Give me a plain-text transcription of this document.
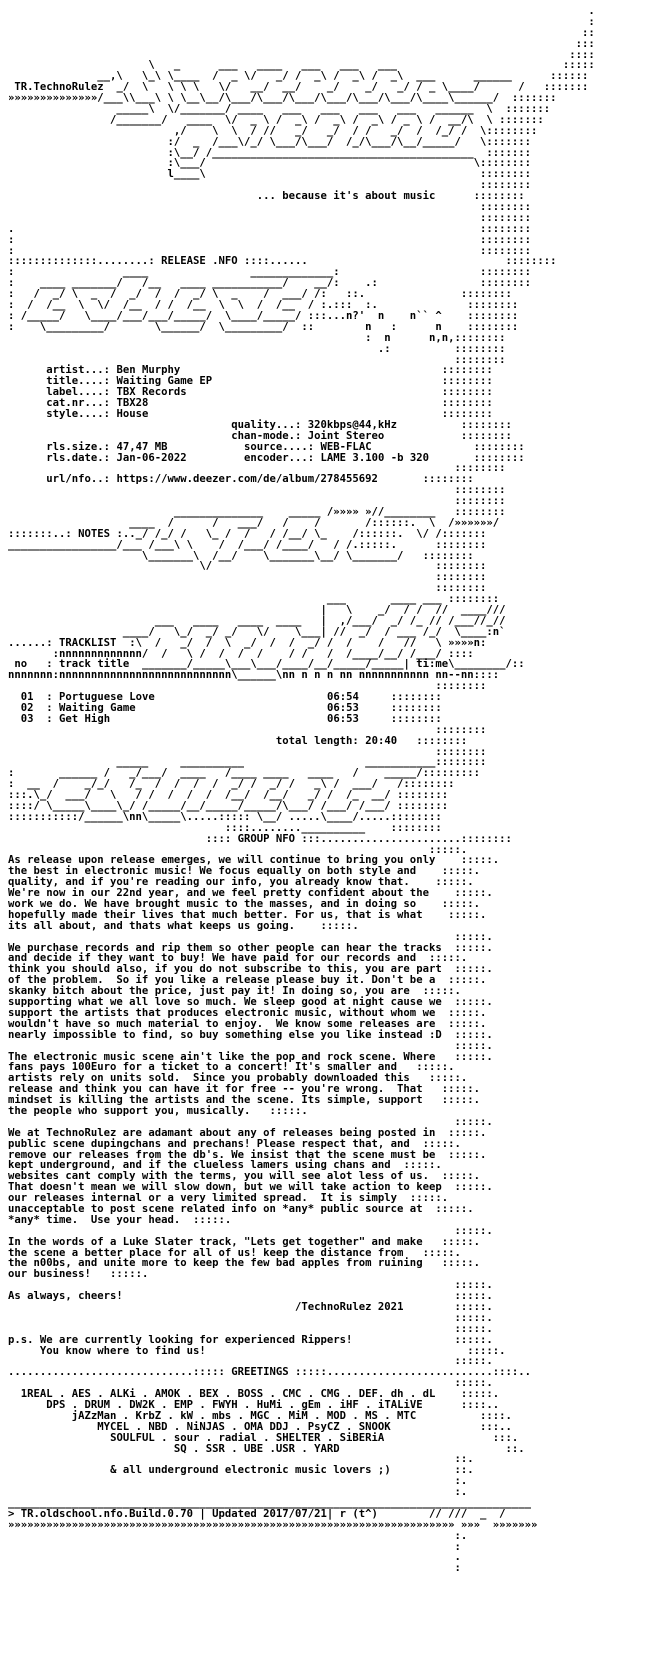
.
:
::
:::
::::
\   _      ___   ____   ___   ___   ___                          :::::
__,\   \_\ \____  /  _ \/   _/ /  _\ /  _\ /  _\  ___      ______      ::::::
TR.TechnoRulez  _/  \   \ \ \   \/   __/  __/    _/    _/   _/ / _ \____/      /   :::::::
»»»»»»»»»»»»»»/___\\___\ \ \__\__/\___/\___/\___/\___/\___/\___/\____\______/  :::::::
_____\  \/_______/ ____   ___   ___   ___   ___   ______  \  :::::::
/_______/   ____  \/  _ \ /  _\ /  _\ /  _\ / _ \ /  __/\  \ :::::::
,/    \  \  / //   _/   _/  / /   _/  /  /_/ /  \::::::::
:/  _  /___\/_/ \___/\___/  /_/\___/\__/_____/   \:::::::
:\__/ /_________________________________________  :::::::
:\___/                                          \::::::::
l____\                                           ::::::::
::::::::
... because it's about music      ::::::::
::::::::
::::::::
.                                                                         ::::::::
:                                                                         ::::::::
:                                                                         ::::::::
::::::::::::::........: RELEASE .NFO ::::......                               ::::::::
:                 ____                _____________:                      ::::::::
:    ____ _______/   /__   ____ ___________/    __/:    .:                ::::::::
:   /  _/ \  _  /  _/  /  /  _/ \  _    /  ___/ /:   ::.               ::::::::
:  /  /__  \  \/  /__  / /  /__  \  \  /  /__  / :.:::  :.              ::::::::
: /_____/   \____/___/___/_____/  \____/_____/ :::...n?'  n    n`` ^    ::::::::
:    \_________/       \______/  \_________/  ::        n   :      n    ::::::::
:  n      n,n,::::::::
.:          ::::::::
::::::::
artist...: Ben Murphy                                         ::::::::
title....: Waiting Game EP                                    ::::::::
label....: TBX Records                                        ::::::::
cat.nr...: TBX28                                              ::::::::
style....: House                                              ::::::::
quality...: 320kbps@44,kHz          ::::::::
chan-mode.: Joint Stereo            ::::::::
rls.size.: 47,47 MB            source....: WEB-FLAC                ::::::::
rls.date.: Jan-06-2022         encoder...: LAME 3.100 -b 320       ::::::::
::::::::
url/nfo..: https://www.deezer.com/de/album/278455692       ::::::::
::::::::
::::::::
______________    _____ /»»»» »//________   ::::::::
____  /      /   ___/   /    /       /::::::.  \  /»»»»»»/
:::::::..: NOTES :.._/ /_/ /   \_ /  /   / /__/ \_    /::::::.  \/ /:::::::
_________________/___ /___\ \    /  /___/ /____/   / /.:::::.      ::::::::
\_______\  /__/    \_______\__/ \_______/   ::::::::
\/                                   ::::::::
::::::::
::::::::
___       ____ ___ ::::::::
|   \    _/  / /  //  ____///
___   ____   ____  ____   |  ,/___/  _/ /_ // /___//_//
____/   \_/  _/ _/   \/    \___| //  _/  / ___ /_/  \____:n`
......: TRACKLIST  :\  /   _/  /  \  _/  /  /  _/ /  /    /   //   \ »»»»n:
:nnnnnnnnnnnnn/  /   \ /  /  /  /    / /   /  /____/__/ /___/ ::::
no   : track title  _______/_____\___\___/____/__/_____/_____| ti:me\________/::
nnnnnnn:nnnnnnnnnnnnnnnnnnnnnnnnnnn\______\nn n n n nn nnnnnnnnnnn nn--nn::::
::::::::
01  : Portuguese Love	06:54     ::::::::
02  : Waiting Game	06:53     ::::::::
03  : Get High	06:53     ::::::::
::::::::
total length: 20:40   ::::::::
::::::::
_____     __________                   ___________::::::::
:       ______ /   _/___/  ____   /____ ____   ____   /    _____/:::::::::
:  __  /    _/_/   /_  /  /  /  /  _/ /  _/ /   _\ /  ___/   /::::::::
:::.\_/  ___/   \   / /  /  /  /  /__/  /__/   _/ /  /_  __/ ::::::::
::::/ \_____\____\_/ /_____/__/_____/_____/\___/ /___/ /___/ ::::::::
:::::::::::/______\nn\_____\.....::::: \__/ .....\____/.....::::::::
::::........__________    ::::::::
:::: GROUP NFO :::......................::::::::
:::::.
As release upon release emerges, we will continue to bring you only    :::::.
the best in electronic music! We focus equally on both style and    :::::.
quality, and if you're reading our info, you already know that.    :::::.
We're now in our 22nd year, and we feel pretty confident about the    :::::.
work we do. We have brought music to the masses, and in doing so    :::::.
hopefully made their lives that much better. For us, that is what    :::::.
its all about, and thats what keeps us going.    :::::.
:::::.
We purchase records and rip them so other people can hear the tracks  :::::.
and decide if they want to buy! We have paid for our records and  :::::.
think you should also, if you do not subscribe to this, you are part  :::::.
of the problem.  So if you like a release please buy it. Don't be a  :::::.
skanky bitch about the price, just pay it! In doing so, you are  :::::.
supporting what we all love so much. We sleep good at night cause we  :::::.
support the artists that produces electronic music, without whom we  :::::.
wouldn't have so much material to enjoy.  We know some releases are  :::::.
nearly impossible to find, so buy something else you like instead :D  :::::.
:::::.
The electronic music scene ain't like the pop and rock scene. Where   :::::.
fans pays 100Euro for a ticket to a concert! It's smaller and   :::::.
artists rely on units sold.  Since you probably downloaded this   :::::.
release and think you can have it for free -- you're wrong.  That   :::::.
mindset is killing the artists and the scene. Its simple, support   :::::.
the people who support you, musically.   :::::.
:::::.
We at TechnoRulez are adamant about any of releases being posted in  :::::.
public scene dupingchans and prechans! Please respect that, and  :::::.
remove our releases from the db's. We insist that the scene must be  :::::.
kept underground, and if the clueless lamers using chans and  :::::.
websites cant comply with the terms, you will see alot less of us.  :::::.
That doesn't mean we will slow down, but we will take action to keep  :::::.
our releases internal or a very limited spread.  It is simply  :::::.
unacceptable to post scene related info on *any* public source at  :::::.
*any* time.  Use your head.  :::::.
:::::.
In the words of a Luke Slater track, "Lets get together" and make   :::::.
the scene a better place for all of us! keep the distance from   :::::.
the n00bs, and unite more to keep the few bad apples from ruining   :::::.
our business!   :::::.
:::::.
As always, cheers!                                                    :::::.
/TechnoRulez 2021        :::::.
:::::.
:::::.
p.s. We are currently looking for experienced Rippers!                :::::.
You know where to find us!                                         :::::.
:::::.
.............................::::: GREETINGS :::::..........................::::..
:::::.
1REAL . AES . ALKi . AMOK . BEX . BOSS . CMC . CMG . DEF. dh . dL    :::::.
DPS . DRUM . DW2K . EMP . FWYH . HuMi . gEm . iHF . iTALiVE      ::::..
jAZzMan . KrbZ . kW . mbs . MGC . MiM . MOD . MS . MTC          ::::.
MYCEL . NBD . NiNJAS . OMA DDJ . PsyCZ . SNOOK              :::..
SOULFUL . sour . radial . SHELTER . SiBERiA                 :::.
SQ . SSR . UBE .USR . YARD                          ::.
::.
& all underground electronic music lovers ;)          ::.
:.
:.
__________________________________________________________________________________
> TR.oldschool.nfo.Build.0.70 | Updated 2017/07/21| r (t^)        // ///  _  /
»»»»»»»»»»»»»»»»»»»»»»»»»»»»»»»»»»»»»»»»»»»»»»»»»»»»»»»»»»»»»»»»»»»»»» »»»  »»»»»»»
:.
:
.
:
